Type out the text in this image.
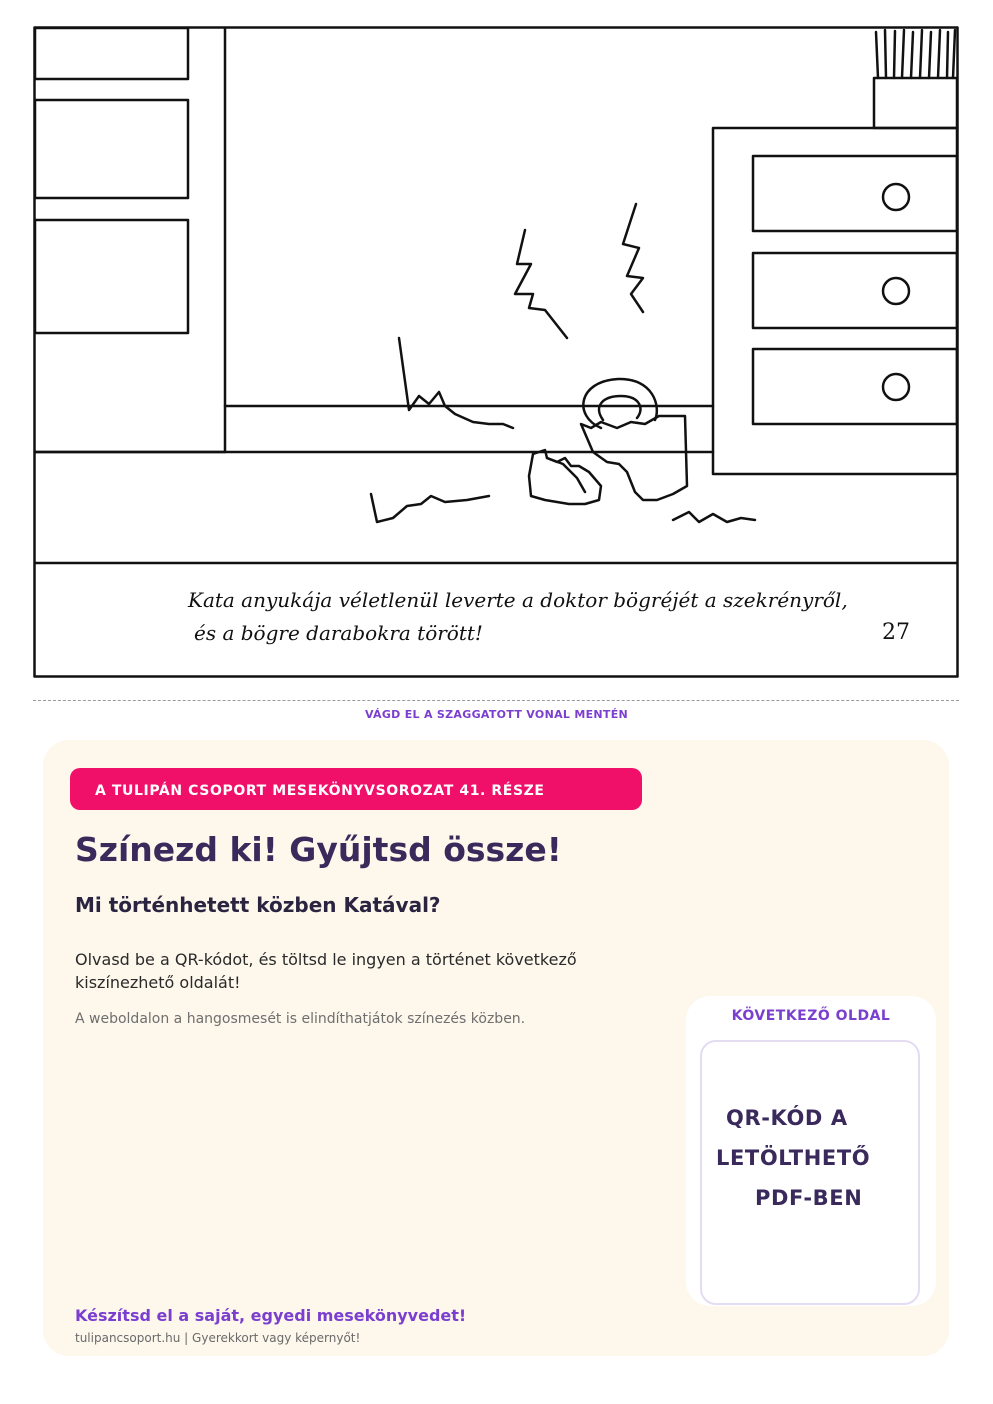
Kata anyukája véletlenül leverte a doktor bögréjét a szekrényről,

és a bögre darabokra törött!	27
VÁGD EL A SZAGGATOTT VONAL MENTÉN
A TULIPÁN CSOPORT MESEKÖNYVSOROZAT 41. RÉSZE
Színezd ki! Gyűjtsd össze!
Mi történhetett közben Katával?
Olvasd be a QR-kódot, és töltsd le ingyen a történet következő kiszínezhető oldalát!
A weboldalon a hangosmesét is elindíthatjátok színezés közben.	KÖVETKEZŐ OLDAL
QR-KÓD A
LETÖLTHETŐ
PDF-BEN
Készítsd el a saját, egyedi mesekönyvedet!
tulipancsoport.hu | Gyerekkort vagy képernyőt!
